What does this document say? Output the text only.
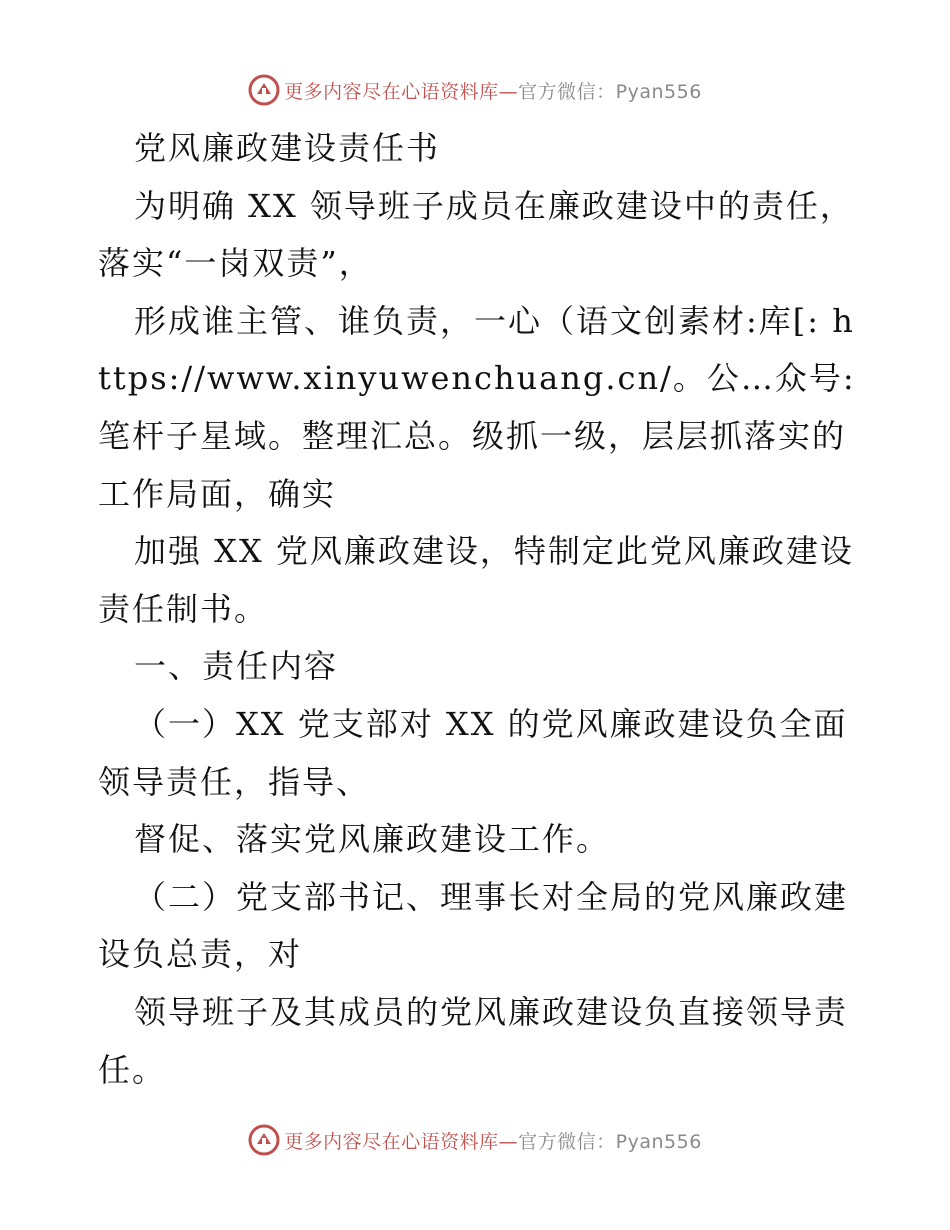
更多内容尽在心语资料库—官方微信：Pyan556

党风廉政建设责任书

为明确 XX 领导班子成员在廉政建设中的责任，落实“一岗双责”，

形成谁主管、谁负责，一心（语文创素材:库[: https://www.xinyuwenchuang.cn/。公…众号: 笔杆子星域。整理汇总。级抓一级，层层抓落实的工作局面，确实

加强 XX 党风廉政建设，特制定此党风廉政建设责任制书。

一、责任内容

（一）XX 党支部对 XX 的党风廉政建设负全面领导责任，指导、

督促、落实党风廉政建设工作。

（二）党支部书记、理事长对全局的党风廉政建设负总责，对

领导班子及其成员的党风廉政建设负直接领导责任。

更多内容尽在心语资料库—官方微信：Pyan556
